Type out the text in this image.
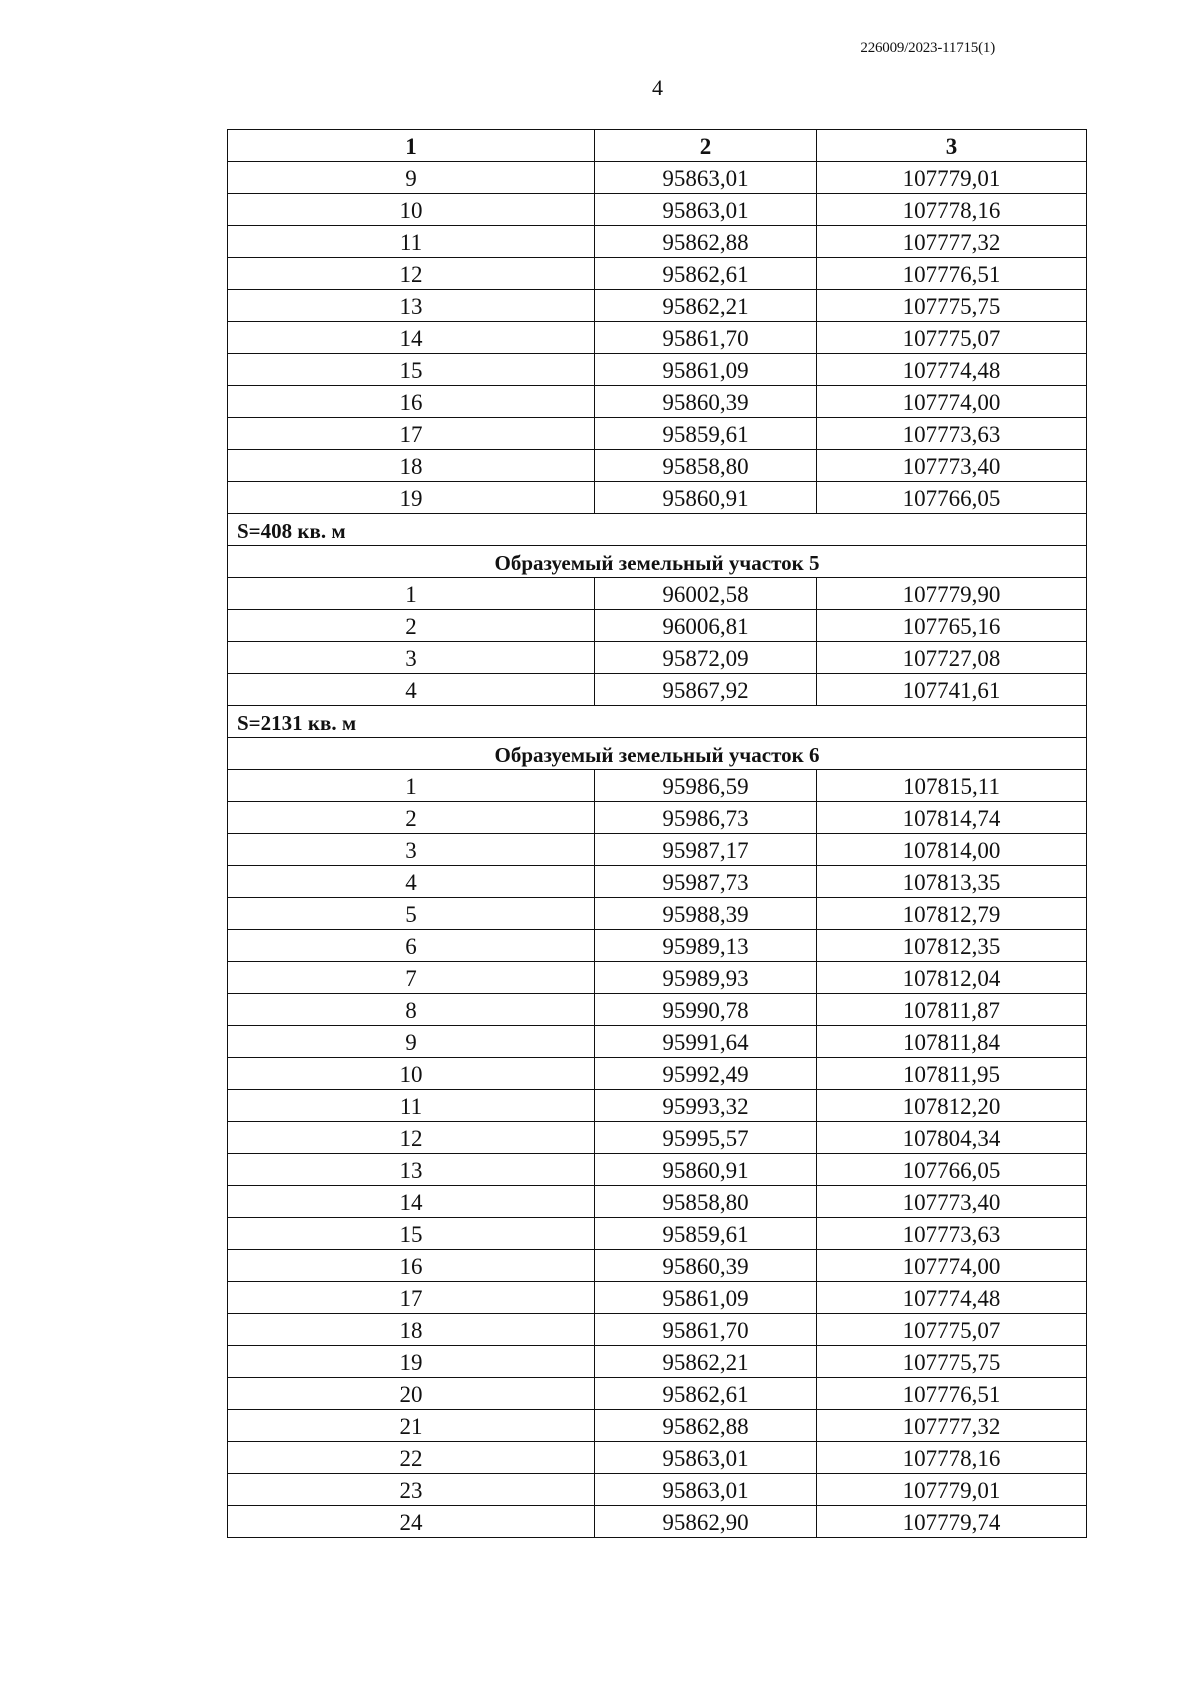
226009/2023-11715(1)
4
1	2	3
9	95863,01	107779,01
10	95863,01	107778,16
11	95862,88	107777,32
12	95862,61	107776,51
13	95862,21	107775,75
14	95861,70	107775,07
15	95861,09	107774,48
16	95860,39	107774,00
17	95859,61	107773,63
18	95858,80	107773,40
19	95860,91	107766,05
S=408 кв. м		
Образуемый земельный участок 5		
1	96002,58	107779,90
2	96006,81	107765,16
3	95872,09	107727,08
4	95867,92	107741,61
S=2131 кв. м		
Образуемый земельный участок 6		
1	95986,59	107815,11
2	95986,73	107814,74
3	95987,17	107814,00
4	95987,73	107813,35
5	95988,39	107812,79
6	95989,13	107812,35
7	95989,93	107812,04
8	95990,78	107811,87
9	95991,64	107811,84
10	95992,49	107811,95
11	95993,32	107812,20
12	95995,57	107804,34
13	95860,91	107766,05
14	95858,80	107773,40
15	95859,61	107773,63
16	95860,39	107774,00
17	95861,09	107774,48
18	95861,70	107775,07
19	95862,21	107775,75
20	95862,61	107776,51
21	95862,88	107777,32
22	95863,01	107778,16
23	95863,01	107779,01
24	95862,90	107779,74
